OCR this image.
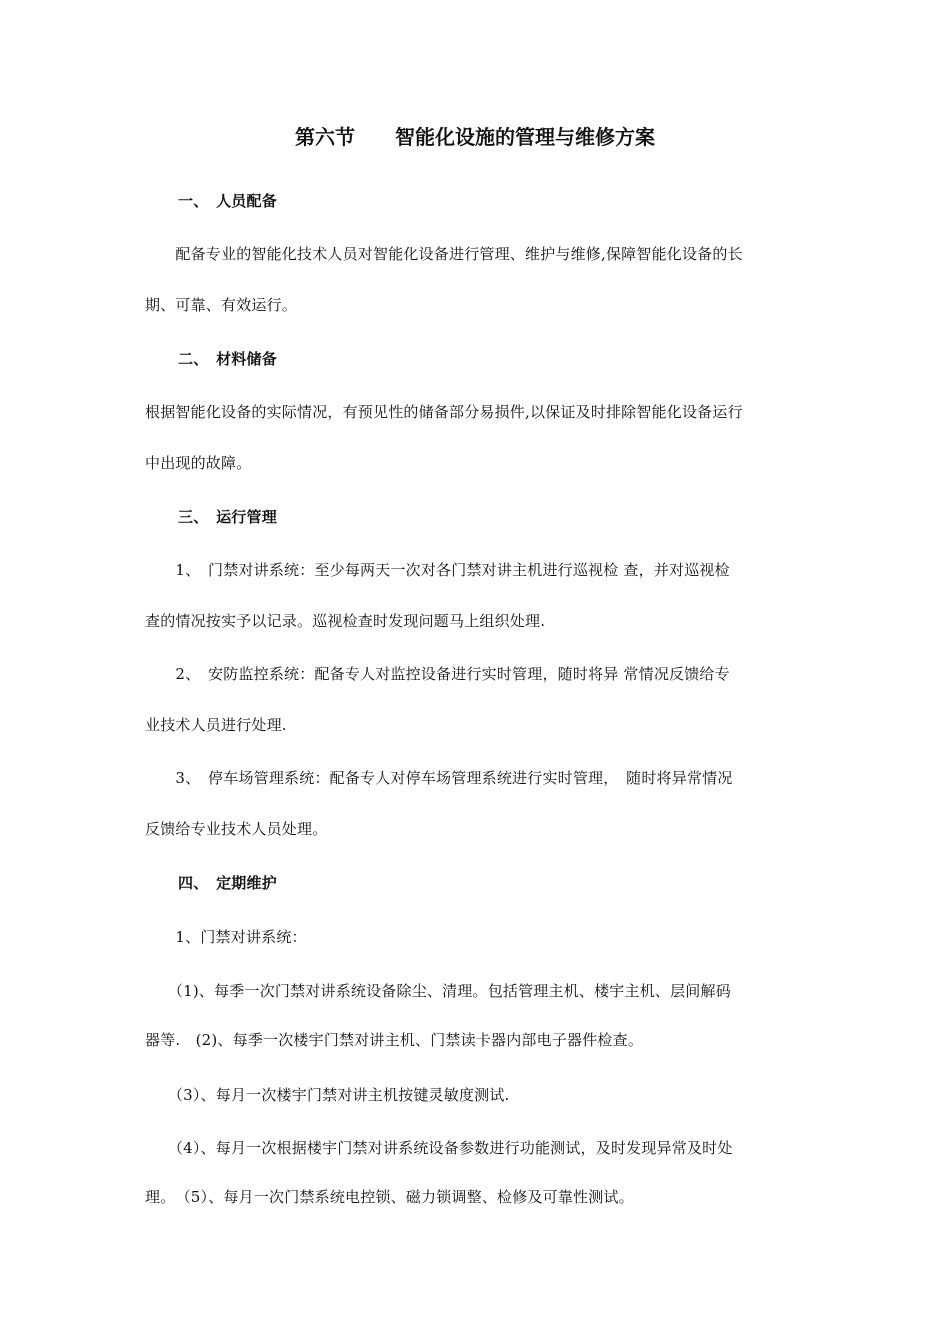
第六节　　智能化设施的管理与维修方案
一、　人员配备
　　配备专业的智能化技术人员对智能化设备进行管理、维护与维修,保障智能化设备的长
期、可靠、有效运行。
二、　材料储备
根据智能化设备的实际情况，有预见性的储备部分易损件,以保证及时排除智能化设备运行
中出现的故障。
三、　运行管理
　　1、　门禁对讲系统：至少每两天一次对各门禁对讲主机进行巡视检 查，并对巡视检
查的情况按实予以记录。巡视检查时发现问题马上组织处理.
　　2、　安防监控系统：配备专人对监控设备进行实时管理，随时将异 常情况反馈给专
业技术人员进行处理.
　　3、　停车场管理系统：配备专人对停车场管理系统进行实时管理，　随时将异常情况
反馈给专业技术人员处理。
四、　定期维护
　　1、门禁对讲系统：
　　（1)、每季一次门禁对讲系统设备除尘、清理。包括管理主机、楼宇主机、层间解码
器等.　(2)、每季一次楼宇门禁对讲主机、门禁读卡器内部电子器件检查。
　　（3）、每月一次楼宇门禁对讲主机按键灵敏度测试.
　　（4）、每月一次根据楼宇门禁对讲系统设备参数进行功能测试，及时发现异常及时处
理。　（5）、每月一次门禁系统电控锁、磁力锁调整、检修及可靠性测试。
